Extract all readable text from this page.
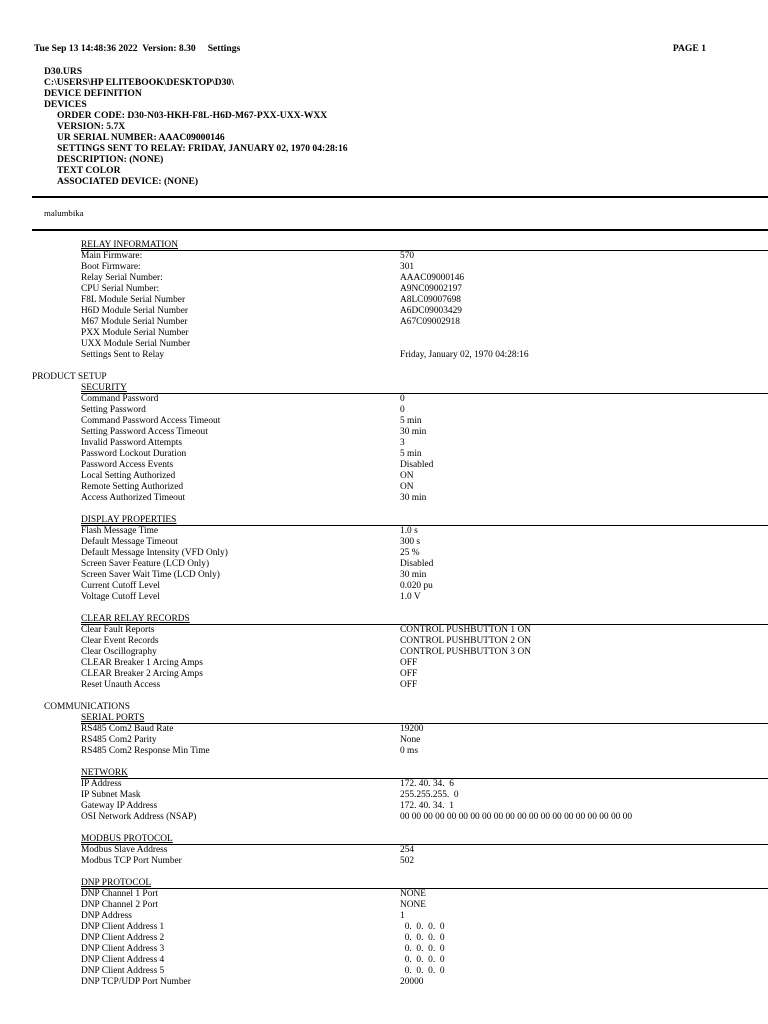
Tue Sep 13 14:48:36 2022 Version: 8.30 Settings	PAGE 1
D30.URS
C:\USERS\HP ELITEBOOK\DESKTOP\D30\
DEVICE DEFINITION
DEVICES
ORDER CODE: D30-N03-HKH-F8L-H6D-M67-PXX-UXX-WXX
VERSION: 5.7X
UR SERIAL NUMBER: AAAC09000146
SETTINGS SENT TO RELAY: FRIDAY, JANUARY 02, 1970 04:28:16
DESCRIPTION: (NONE)
TEXT COLOR
ASSOCIATED DEVICE: (NONE)
malumbika
RELAY INFORMATION
Main Firmware:	570
Boot Firmware:	301
Relay Serial Number:	AAAC09000146
CPU Serial Number:	A9NC09002197
F8L Module Serial Number	A8LC09007698
H6D Module Serial Number	A6DC09003429
M67 Module Serial Number	A67C09002918
PXX Module Serial Number
UXX Module Serial Number
Settings Sent to Relay	Friday, January 02, 1970 04:28:16
PRODUCT SETUP
SECURITY
Command Password	0
Setting Password	0
Command Password Access Timeout	5 min
Setting Password Access Timeout	30 min
Invalid Password Attempts	3
Password Lockout Duration	5 min
Password Access Events	Disabled
Local Setting Authorized	ON
Remote Setting Authorized	ON
Access Authorized Timeout	30 min
DISPLAY PROPERTIES
Flash Message Time	1.0 s
Default Message Timeout	300 s
Default Message Intensity (VFD Only)	25 %
Screen Saver Feature (LCD Only)	Disabled
Screen Saver Wait Time (LCD Only)	30 min
Current Cutoff Level	0.020 pu
Voltage Cutoff Level	1.0 V
CLEAR RELAY RECORDS
Clear Fault Reports	CONTROL PUSHBUTTON 1 ON
Clear Event Records	CONTROL PUSHBUTTON 2 ON
Clear Oscillography	CONTROL PUSHBUTTON 3 ON
CLEAR Breaker 1 Arcing Amps	OFF
CLEAR Breaker 2 Arcing Amps	OFF
Reset Unauth Access	OFF
COMMUNICATIONS
SERIAL PORTS
RS485 Com2 Baud Rate	19200
RS485 Com2 Parity	None
RS485 Com2 Response Min Time	0 ms
NETWORK
IP Address	172. 40. 34.  6
IP Subnet Mask	255.255.255.  0
Gateway IP Address	172. 40. 34.  1
OSI Network Address (NSAP)	00 00 00 00 00 00 00 00 00 00 00 00 00 00 00 00 00 00 00 00
MODBUS PROTOCOL
Modbus Slave Address	254
Modbus TCP Port Number	502
DNP PROTOCOL
DNP Channel 1 Port	NONE
DNP Channel 2 Port	NONE
DNP Address	1
DNP Client Address 1	0.  0.  0.  0
DNP Client Address 2	0.  0.  0.  0
DNP Client Address 3	0.  0.  0.  0
DNP Client Address 4	0.  0.  0.  0
DNP Client Address 5	0.  0.  0.  0
DNP TCP/UDP Port Number	20000
